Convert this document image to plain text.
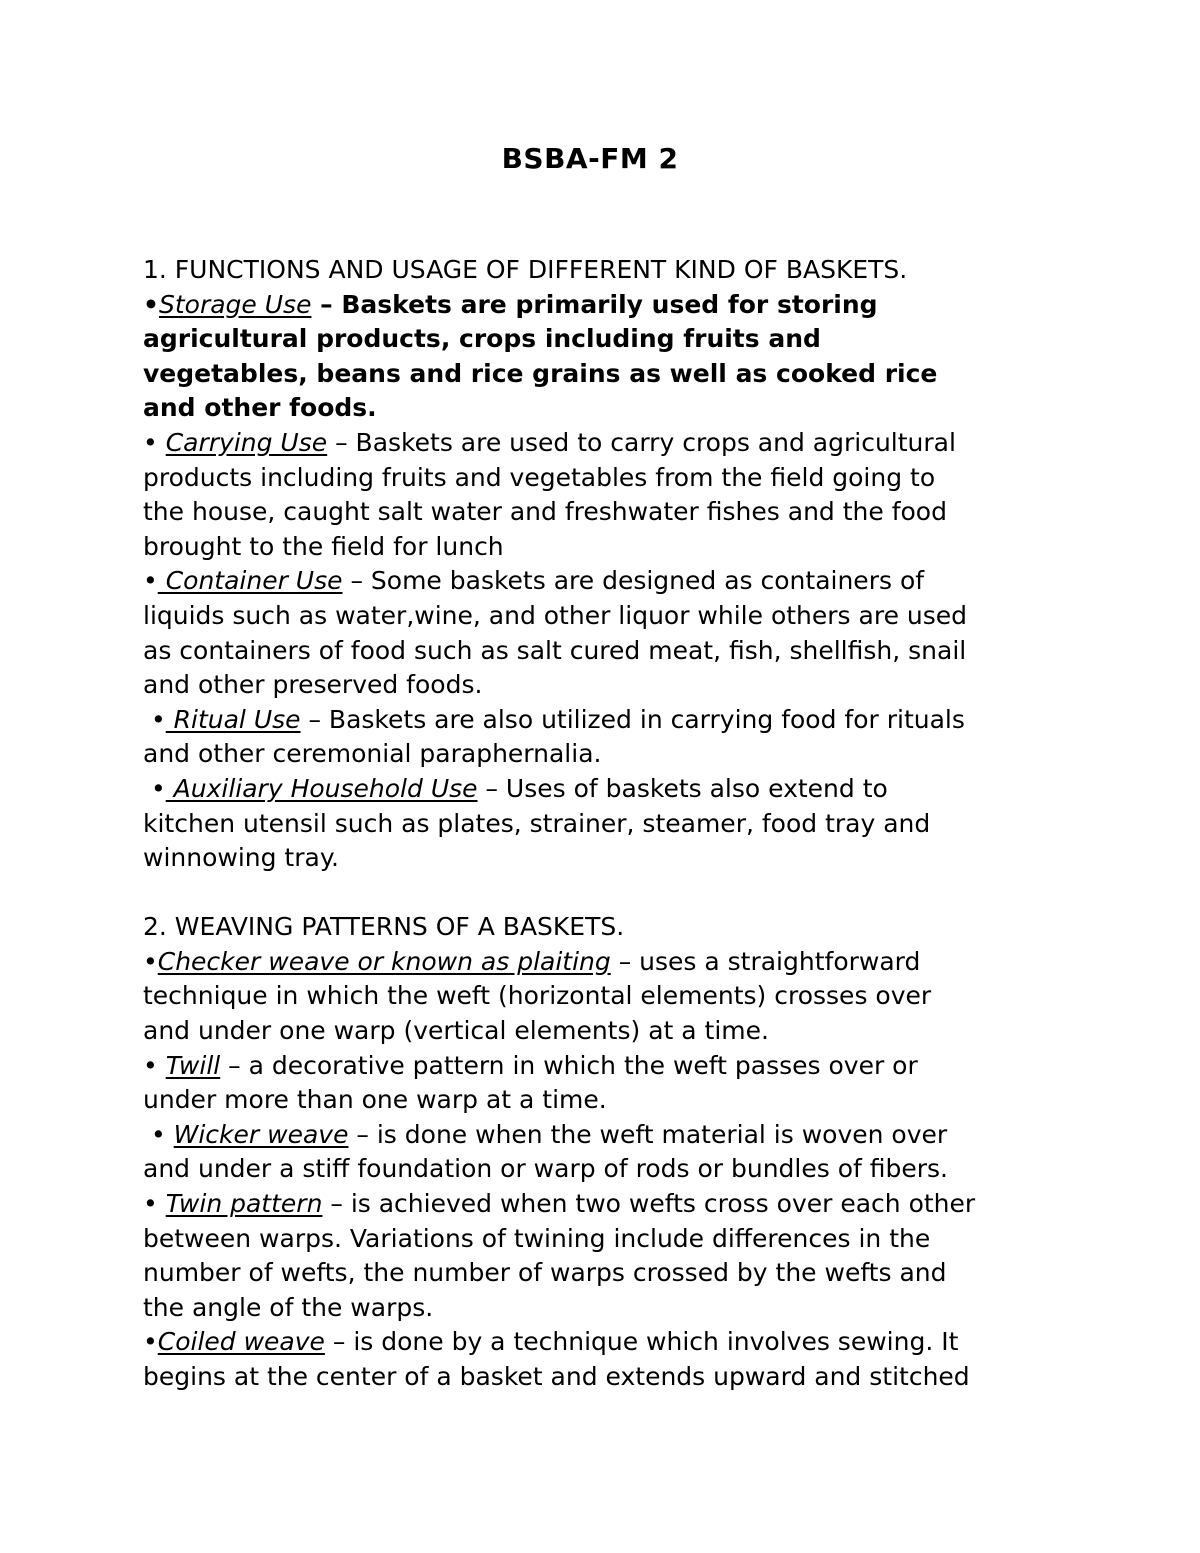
BSBA-FM 2
1. FUNCTIONS AND USAGE OF DIFFERENT KIND OF BASKETS.
•Storage Use – Baskets are primarily used for storing
agricultural products, crops including fruits and
vegetables, beans and rice grains as well as cooked rice
and other foods.
• Carrying Use – Baskets are used to carry crops and agricultural
products including fruits and vegetables from the field going to
the house, caught salt water and freshwater fishes and the food
brought to the field for lunch
• Container Use – Some baskets are designed as containers of
liquids such as water,wine, and other liquor while others are used
as containers of food such as salt cured meat, fish, shellfish, snail
and other preserved foods.
• Ritual Use – Baskets are also utilized in carrying food for rituals
and other ceremonial paraphernalia.
• Auxiliary Household Use – Uses of baskets also extend to
kitchen utensil such as plates, strainer, steamer, food tray and
winnowing tray.
2. WEAVING PATTERNS OF A BASKETS.
•Checker weave or known as plaiting – uses a straightforward
technique in which the weft (horizontal elements) crosses over
and under one warp (vertical elements) at a time.
• Twill – a decorative pattern in which the weft passes over or
under more than one warp at a time.
• Wicker weave – is done when the weft material is woven over
and under a stiff foundation or warp of rods or bundles of fibers.
• Twin pattern – is achieved when two wefts cross over each other
between warps. Variations of twining include differences in the
number of wefts, the number of warps crossed by the wefts and
the angle of the warps.
•Coiled weave – is done by a technique which involves sewing. It
begins at the center of a basket and extends upward and stitched
